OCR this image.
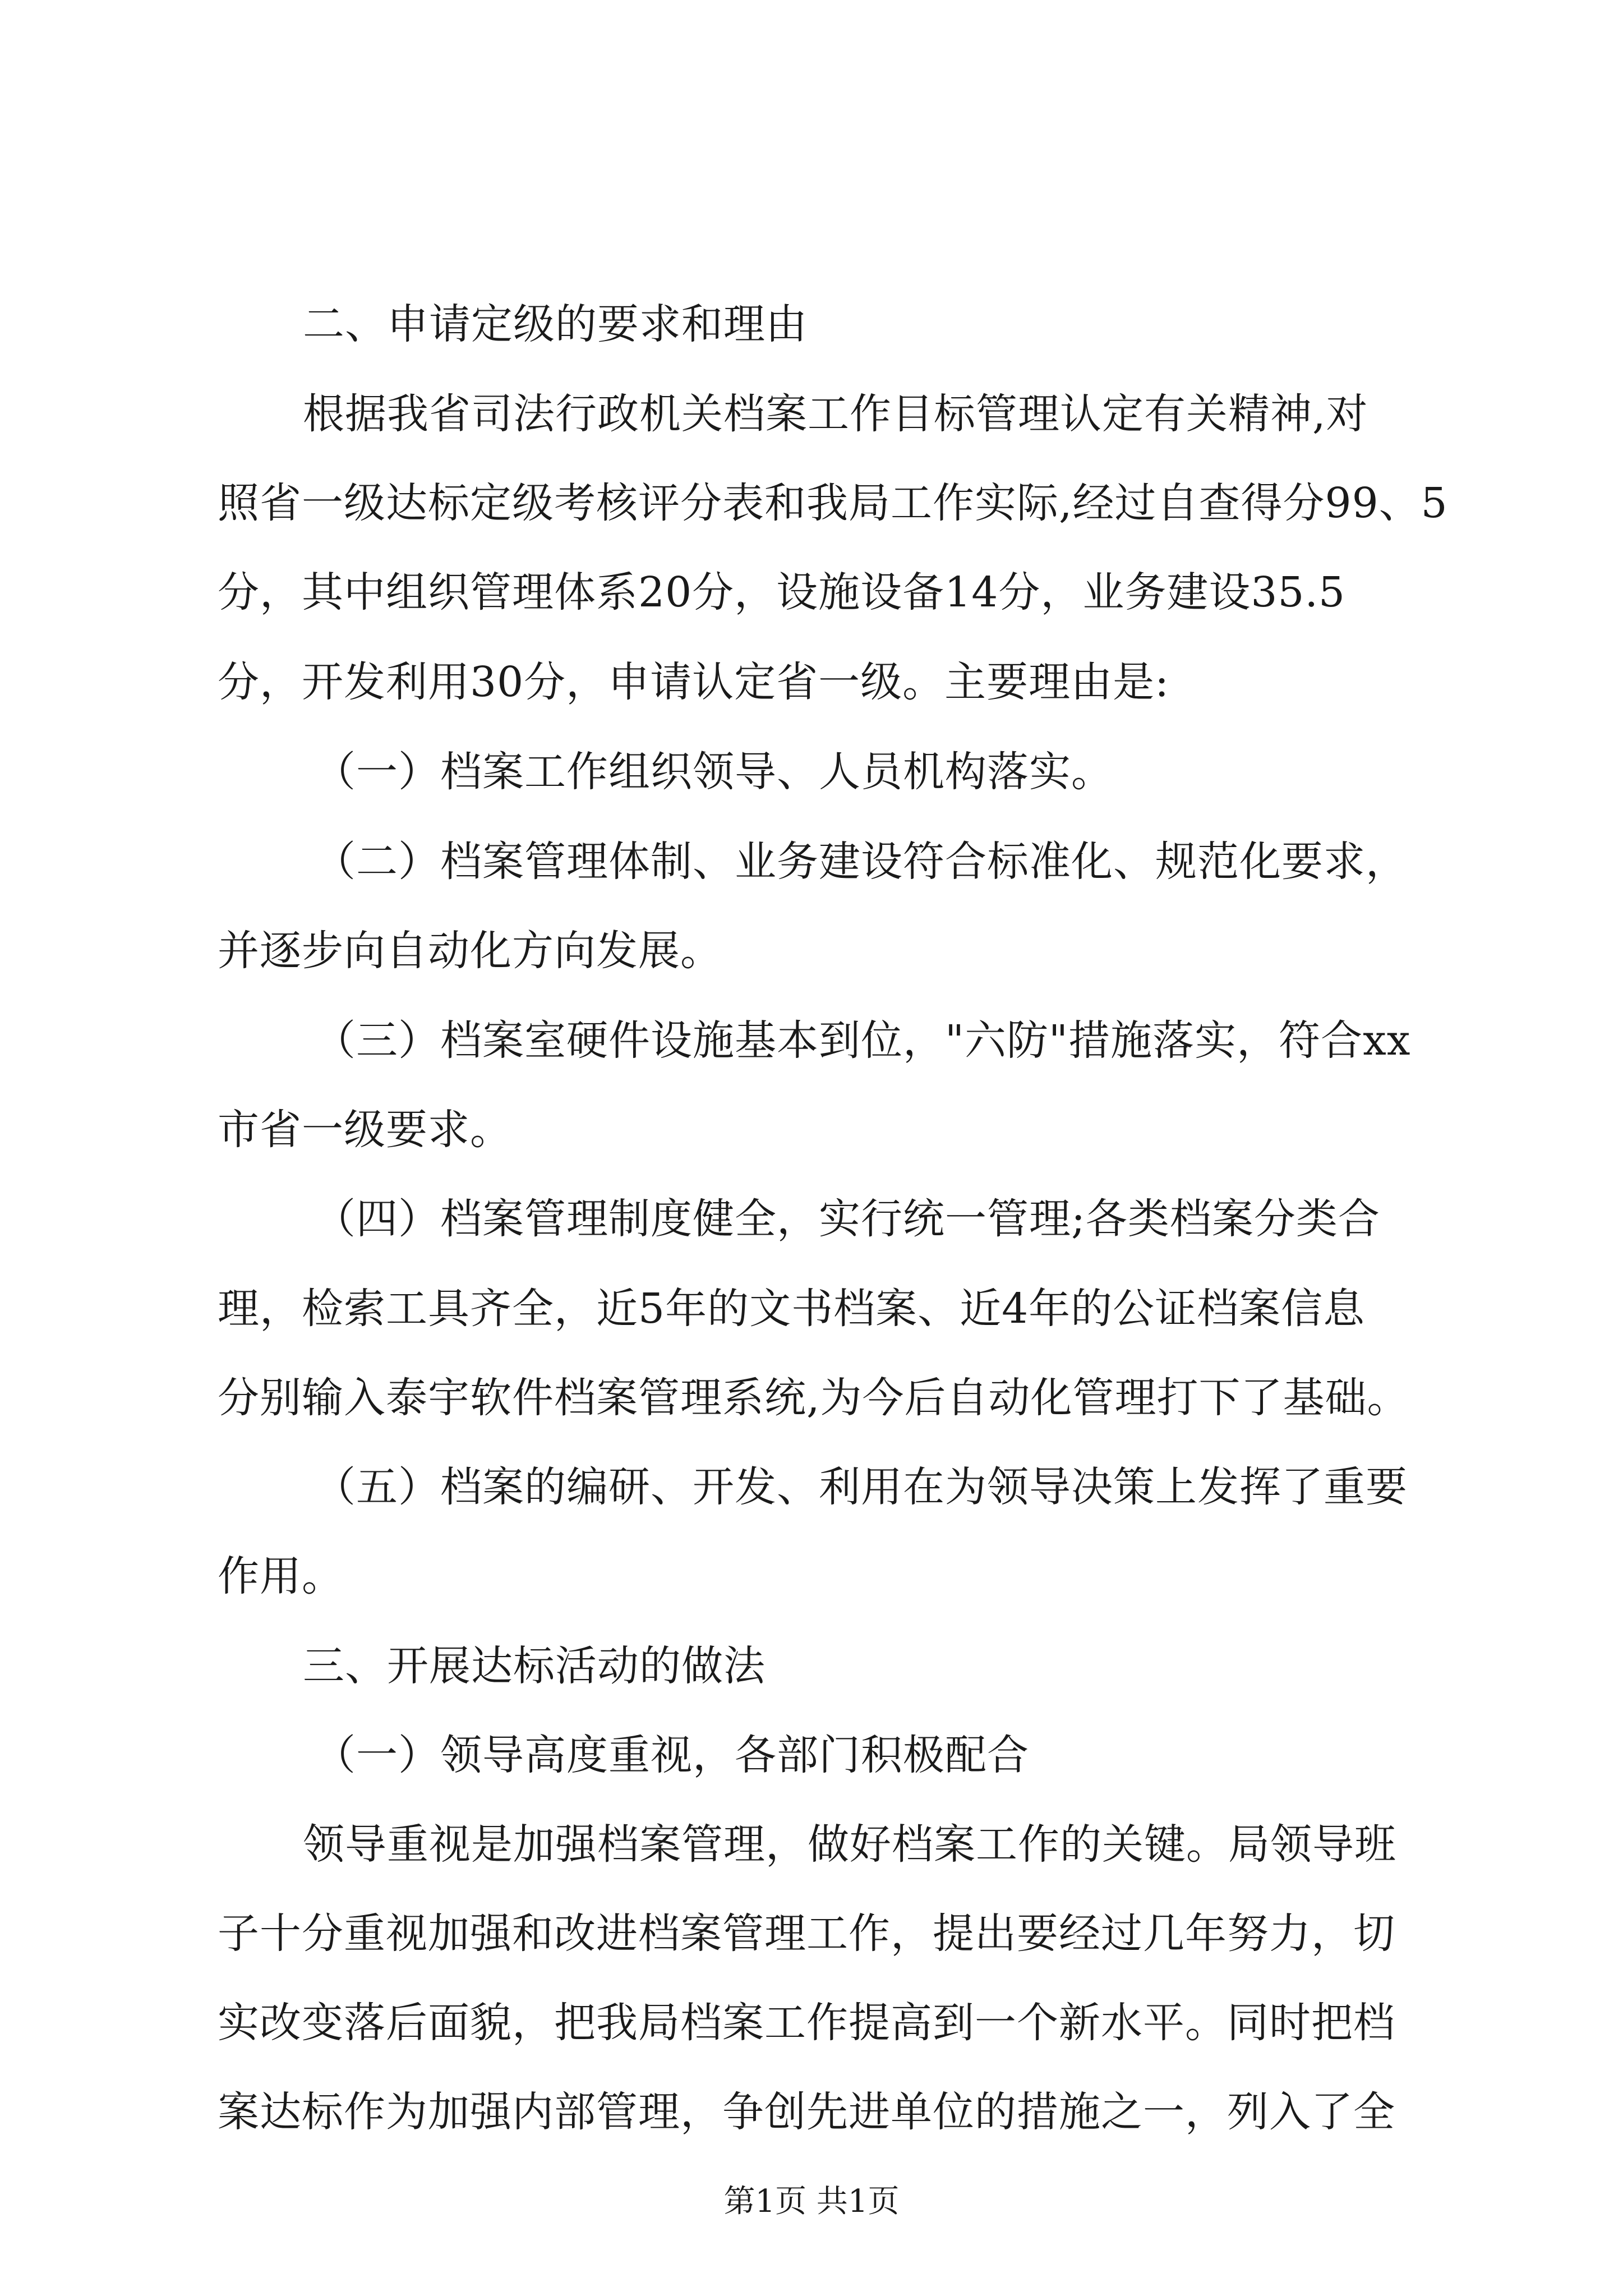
二、申请定级的要求和理由
根据我省司法行政机关档案工作目标管理认定有关精神,对
照省一级达标定级考核评分表和我局工作实际,经过自查得分99、5
分，其中组织管理体系20分，设施设备14分，业务建设35.5
分，开发利用30分，申请认定省一级。主要理由是:
（一）档案工作组织领导、人员机构落实。
（二）档案管理体制、业务建设符合标准化、规范化要求，
并逐步向自动化方向发展。
（三）档案室硬件设施基本到位，"六防"措施落实，符合xx
市省一级要求。
（四）档案管理制度健全，实行统一管理;各类档案分类合
理，检索工具齐全，近5年的文书档案、近4年的公证档案信息
分别输入泰宇软件档案管理系统,为今后自动化管理打下了基础。
（五）档案的编研、开发、利用在为领导决策上发挥了重要
作用。
三、开展达标活动的做法
（一）领导高度重视，各部门积极配合
领导重视是加强档案管理，做好档案工作的关键。局领导班
子十分重视加强和改进档案管理工作，提出要经过几年努力，切
实改变落后面貌，把我局档案工作提高到一个新水平。同时把档
案达标作为加强内部管理，争创先进单位的措施之一，列入了全
第1页 共1页
